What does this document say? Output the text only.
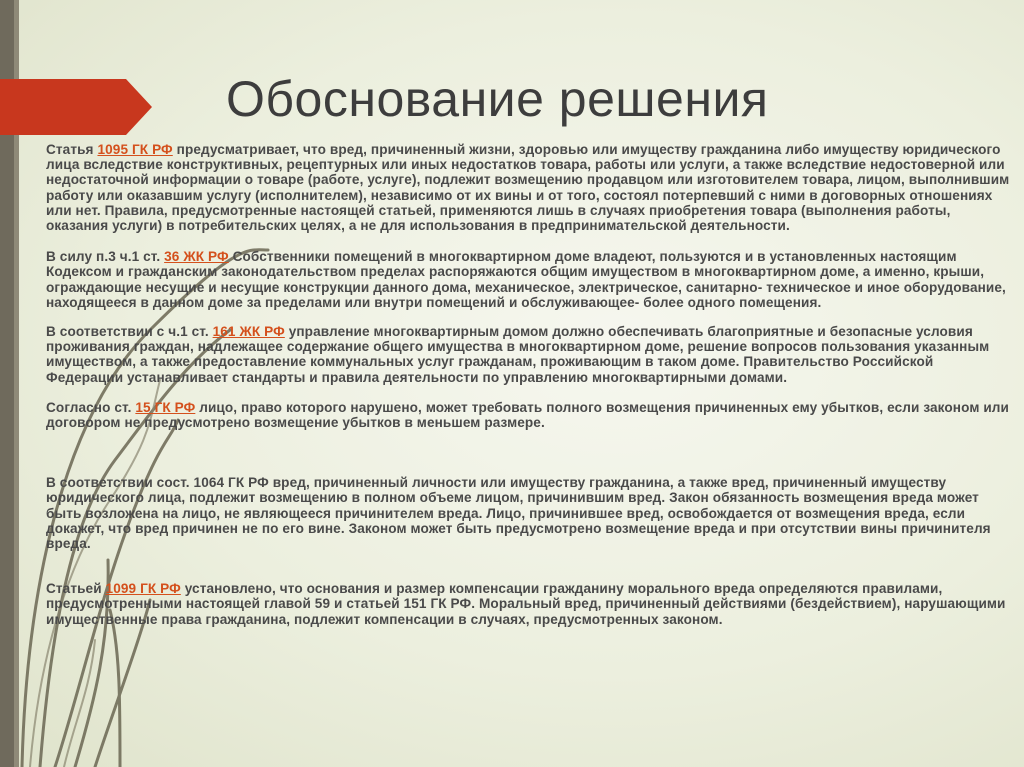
Обоснование решения

Статья 1095 ГК РФ предусматривает, что вред, причиненный жизни, здоровью или имуществу гражданина либо имуществу юридического лица вследствие конструктивных, рецептурных или иных недостатков товара, работы или услуги, а также вследствие недостоверной или недостаточной информации о товаре (работе, услуге), подлежит возмещению продавцом или изготовителем товара, лицом, выполнившим работу или оказавшим услугу (исполнителем), независимо от их вины и от того, состоял потерпевший с ними в договорных отношениях или нет. Правила, предусмотренные настоящей статьей, применяются лишь в случаях приобретения товара (выполнения работы, оказания услуги) в потребительских целях, а не для использования в предпринимательской деятельности.

В силу п.3 ч.1 ст. 36 ЖК РФ Собственники помещений в многоквартирном доме владеют, пользуются и в установленных настоящим Кодексом и гражданским законодательством пределах распоряжаются общим имуществом в многоквартирном доме, а именно, крыши, ограждающие несущие и несущие конструкции данного дома, механическое, электрическое, санитарно- техническое и иное оборудование, находящееся в данном доме за пределами или внутри помещений и обслуживающее- более одного помещения.

В соответствии с ч.1 ст. 161 ЖК РФ управление многоквартирным домом должно обеспечивать благоприятные и безопасные условия проживания граждан, надлежащее содержание общего имущества в многоквартирном доме, решение вопросов пользования указанным имуществом, а также предоставление коммунальных услуг гражданам, проживающим в таком доме. Правительство Российской Федерации устанавливает стандарты и правила деятельности по управлению многоквартирными домами.

Согласно ст. 15 ГК РФ лицо, право которого нарушено, может требовать полного возмещения причиненных ему убытков, если законом или договором не предусмотрено возмещение убытков в меньшем размере.

В соответствии сост. 1064 ГК РФ вред, причиненный личности или имуществу гражданина, а также вред, причиненный имуществу юридического лица, подлежит возмещению в полном объеме лицом, причинившим вред. Закон обязанность возмещения вреда может быть возложена на лицо, не являющееся причинителем вреда. Лицо, причинившее вред, освобождается от возмещения вреда, если докажет, что вред причинен не по его вине. Законом может быть предусмотрено возмещение вреда и при отсутствии вины причинителя вреда.

Статьей 1099 ГК РФ установлено, что основания и размер компенсации гражданину морального вреда определяются правилами, предусмотренными настоящей главой 59 и статьей 151 ГК РФ. Моральный вред, причиненный действиями (бездействием), нарушающими имущественные права гражданина, подлежит компенсации в случаях, предусмотренных законом.
